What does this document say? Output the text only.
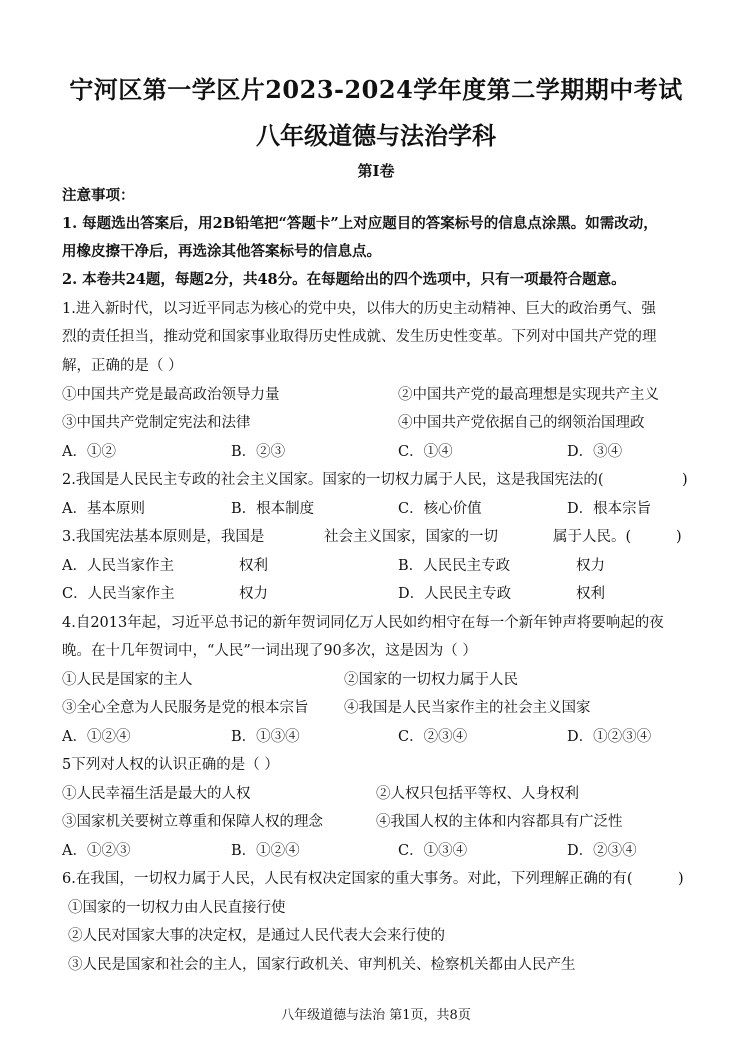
宁河区第一学区片2023-2024学年度第二学期期中考试
八年级道德与法治学科
第I卷
注意事项：
1. 每题选出答案后，用2B铅笔把“答题卡”上对应题目的答案标号的信息点涂黑。如需改动，
用橡皮擦干净后，再选涂其他答案标号的信息点。
2. 本卷共24题，每题2分，共48分。在每题给出的四个选项中，只有一项最符合题意。
1.进入新时代，以习近平同志为核心的党中央，以伟大的历史主动精神、巨大的政治勇气、强
烈的责任担当，推动党和国家事业取得历史性成就、发生历史性变革。下列对中国共产党的理
解，正确的是（ ）
①中国共产党是最高政治领导力量	②中国共产党的最高理想是实现共产主义
③中国共产党制定宪法和法律	④中国共产党依据自己的纲领治国理政
A．①②	B．②③	C．①④	D．③④
2.我国是人民民主专政的社会主义国家。国家的一切权力属于人民，这是我国宪法的(	)
A．基本原则	B．根本制度	C．核心价值	D．根本宗旨
3.我国宪法基本原则是，我国是	社会主义国家，国家的一切	属于人民。(	)
A．人民当家作主	权利	B．人民民主专政	权力
C．人民当家作主	权力	D．人民民主专政	权利
4.自2013年起，习近平总书记的新年贺词同亿万人民如约相守在每一个新年钟声将要响起的夜
晚。在十几年贺词中，“人民”一词出现了90多次，这是因为（ ）
①人民是国家的主人	②国家的一切权力属于人民
③全心全意为人民服务是党的根本宗旨 ④我国是人民当家作主的社会主义国家
A．①②④	B．①③④	C．②③④	D．①②③④
5下列对人权的认识正确的是（ ）
①人民幸福生活是最大的人权	②人权只包括平等权、人身权利
③国家机关要树立尊重和保障人权的理念	④我国人权的主体和内容都具有广泛性
A．①②③	B．①②④	C．①③④	D．②③④
6.在我国，一切权力属于人民，人民有权决定国家的重大事务。对此，下列理解正确的有(	)
①国家的一切权力由人民直接行使
②人民对国家大事的决定权，是通过人民代表大会来行使的
③人民是国家和社会的主人，国家行政机关、审判机关、检察机关都由人民产生
八年级道德与法治 第1页，共8页
